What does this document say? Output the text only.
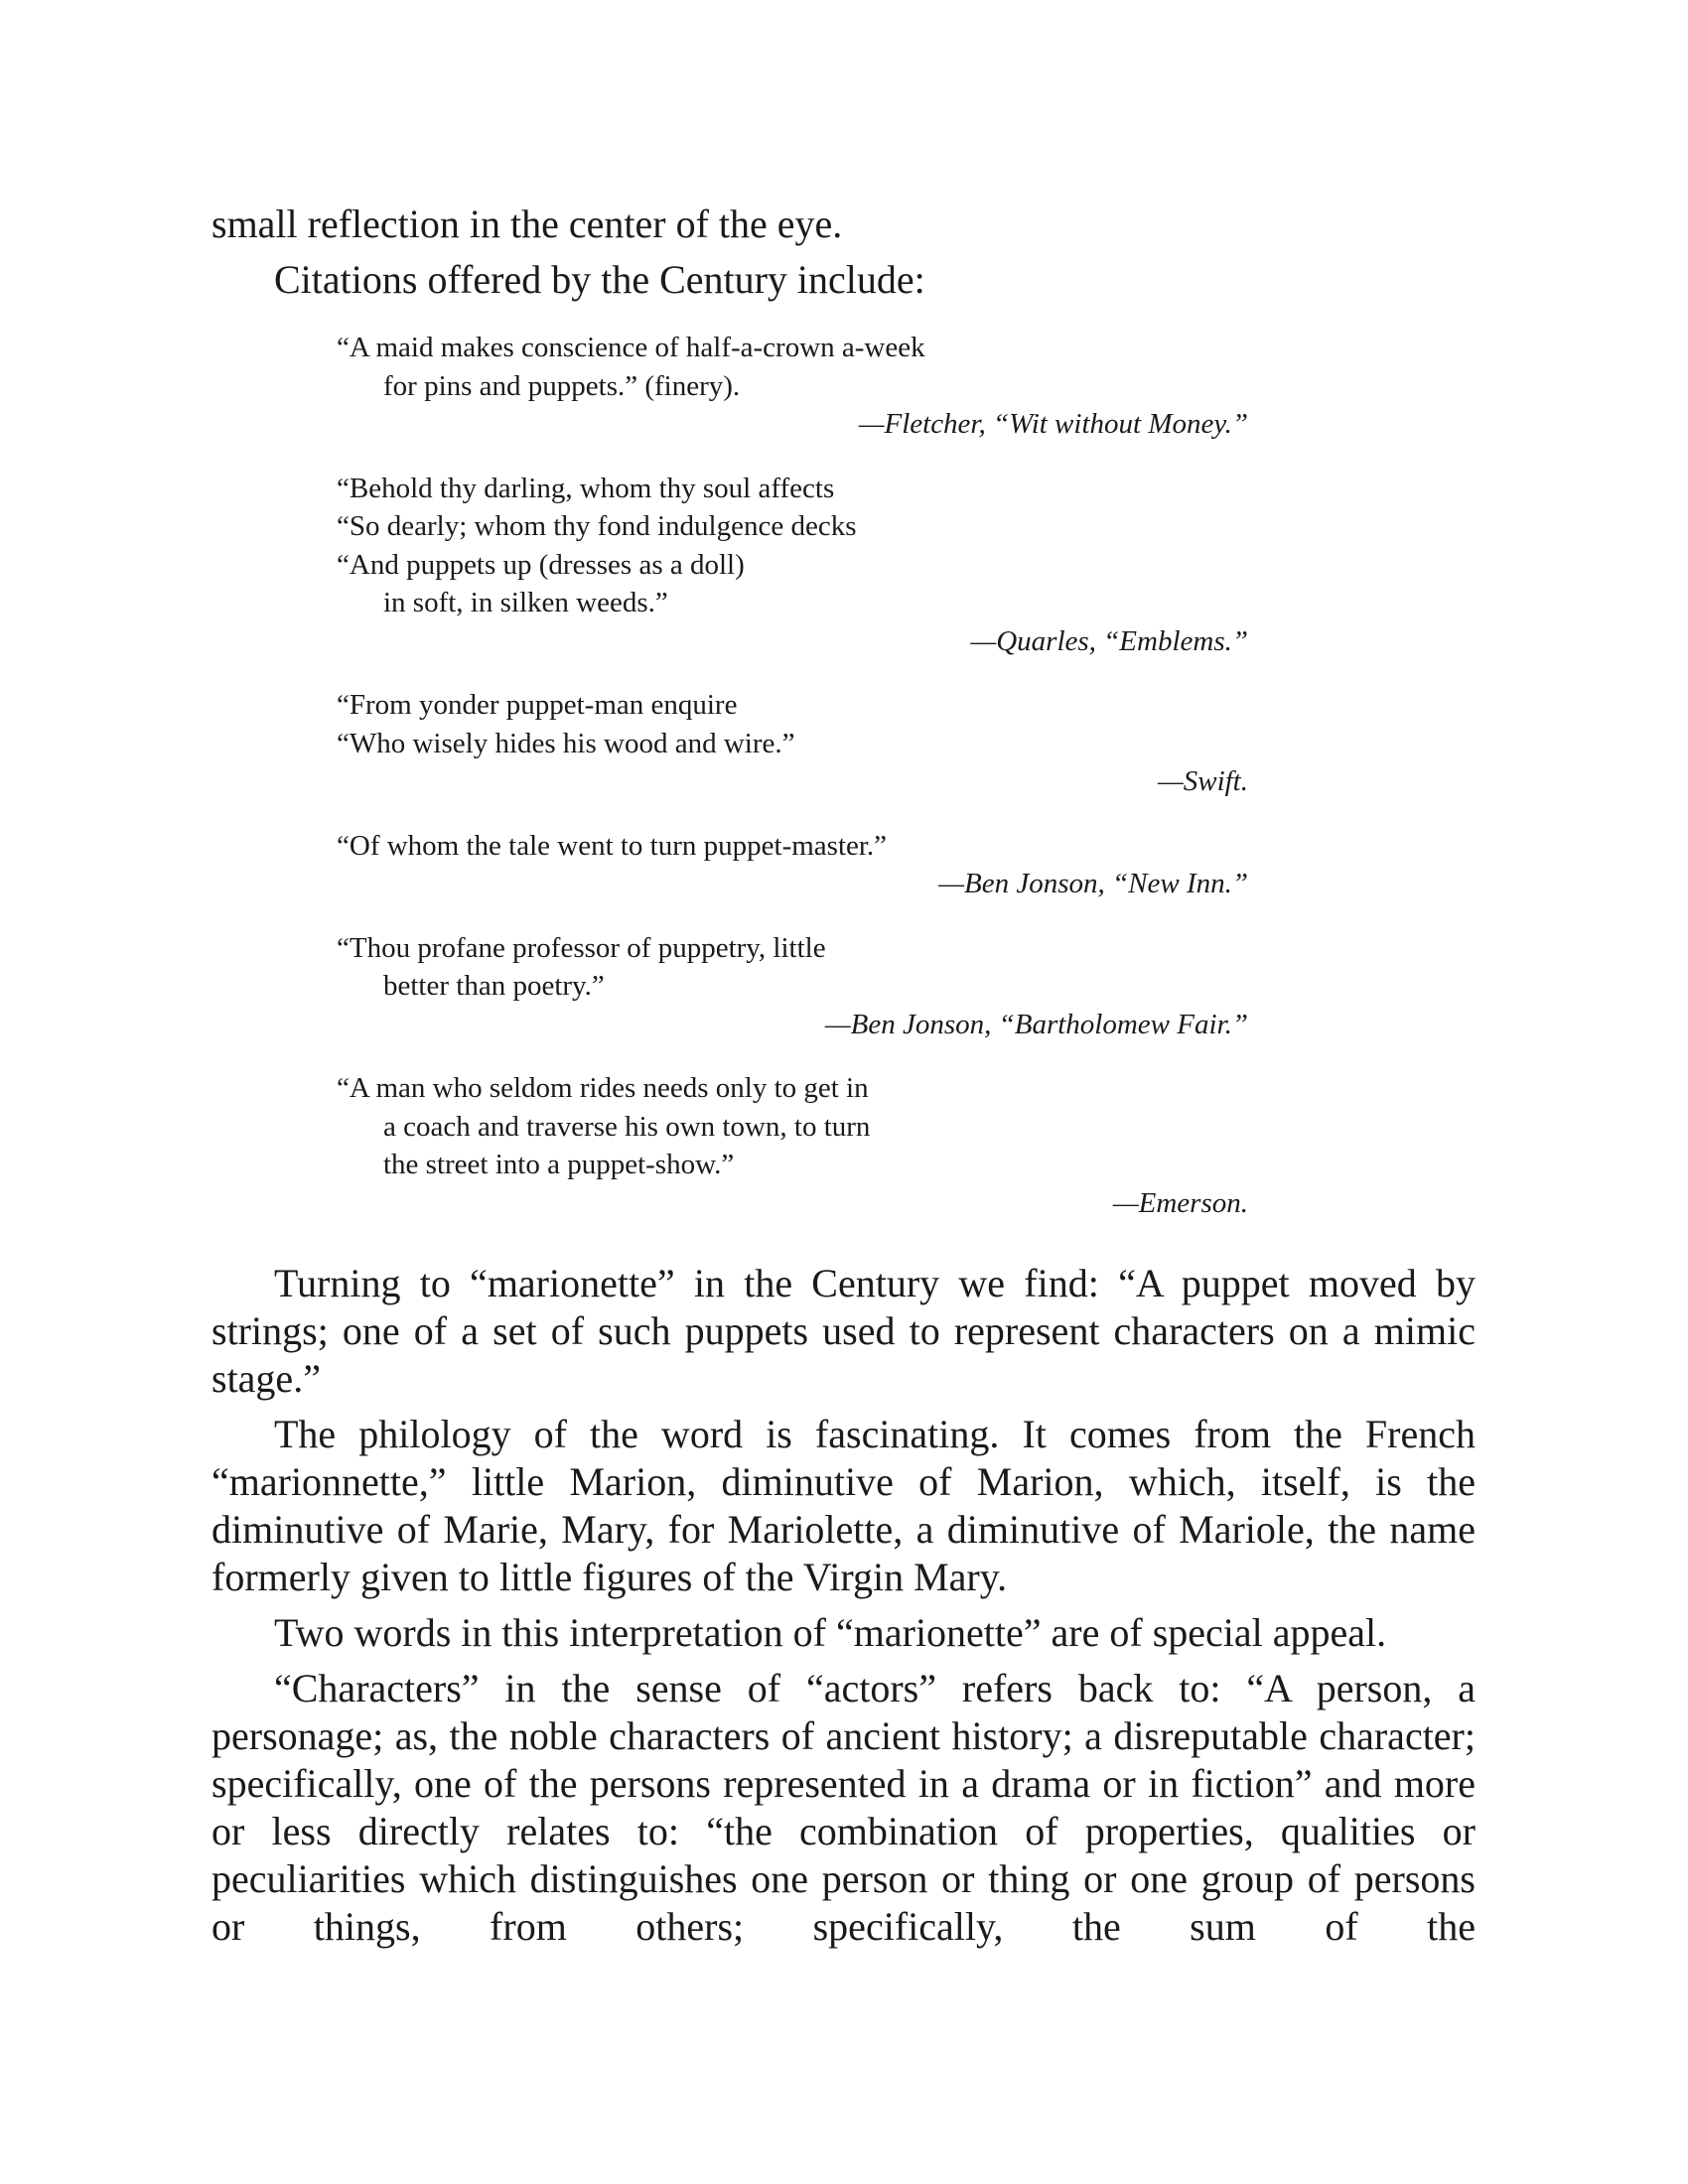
small reflection in the center of the eye.

Citations offered by the Century include:

“A maid makes conscience of half-a-crown a-week

for pins and puppets.” (finery).

—Fletcher, “Wit without Money.”

“Behold thy darling, whom thy soul affects

“So dearly; whom thy fond indulgence decks

“And puppets up (dresses as a doll)

in soft, in silken weeds.”

—Quarles, “Emblems.”

“From yonder puppet-man enquire

“Who wisely hides his wood and wire.”

—Swift.

“Of whom the tale went to turn puppet-master.”

—Ben Jonson, “New Inn.”

“Thou profane professor of puppetry, little

better than poetry.”

—Ben Jonson, “Bartholomew Fair.”

“A man who seldom rides needs only to get in

a coach and traverse his own town, to turn

the street into a puppet-show.”

—Emerson.

Turning to “marionette” in the Century we find: “A puppet moved by strings; one of a set of such puppets used to represent characters on a mimic stage.”

The philology of the word is fascinating. It comes from the French “marionnette,” little Marion, diminutive of Marion, which, itself, is the diminutive of Marie, Mary, for Mariolette, a diminutive of Mariole, the name formerly given to little figures of the Virgin Mary.

Two words in this interpretation of “marionette” are of special appeal.

“Characters” in the sense of “actors” refers back to: “A person, a personage; as, the noble characters of ancient history; a disreputable character; specifically, one of the persons represented in a drama or in fiction” and more or less directly relates to: “the combination of properties, qualities or peculiarities which distinguishes one person or thing or one group of persons or things, from others; specifically, the sum of the
